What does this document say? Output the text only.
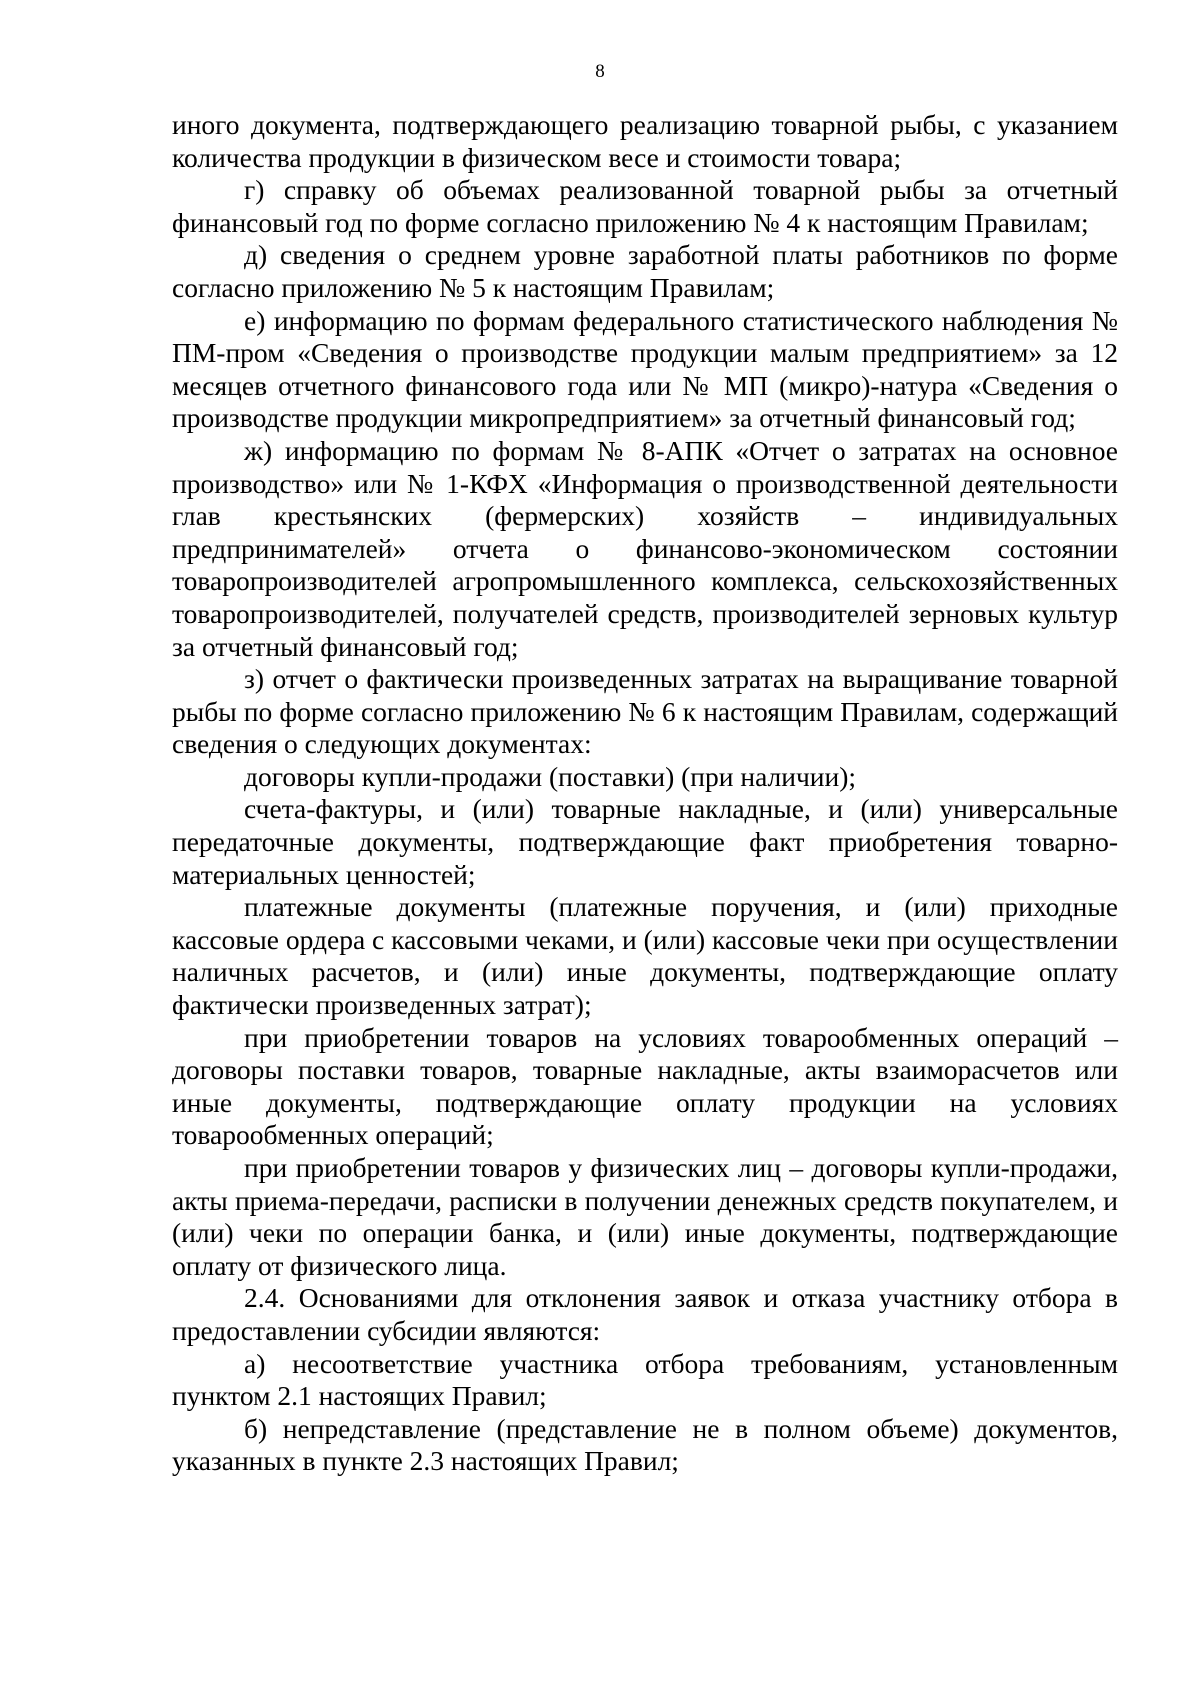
8

иного документа, подтверждающего реализацию товарной рыбы, с указанием количества продукции в физическом весе и стоимости товара;

г) справку об объемах реализованной товарной рыбы за отчетный финансовый год по форме согласно приложению № 4 к настоящим Правилам;

д) сведения о среднем уровне заработной платы работников по форме согласно приложению № 5 к настоящим Правилам;

е) информацию по формам федерального статистического наблюдения № ПМ-пром «Сведения о производстве продукции малым предприятием» за 12 месяцев отчетного финансового года или № МП (микро)-натура «Сведения о производстве продукции микропредприятием» за отчетный финансовый год;

ж) информацию по формам № 8-АПК «Отчет о затратах на основное производство» или № 1-КФХ «Информация о производственной деятельности глав крестьянских (фермерских) хозяйств – индивидуальных предпринимателей» отчета о финансово-экономическом состоянии товаропроизводителей агропромышленного комплекса, сельскохозяйственных товаропроизводителей, получателей средств, производителей зерновых культур за отчетный финансовый год;

з) отчет о фактически произведенных затратах на выращивание товарной рыбы по форме согласно приложению № 6 к настоящим Правилам, содержащий сведения о следующих документах:

договоры купли-продажи (поставки) (при наличии);

счета-фактуры, и (или) товарные накладные, и (или) универсальные передаточные документы, подтверждающие факт приобретения товарно-материальных ценностей;

платежные документы (платежные поручения, и (или) приходные кассовые ордера с кассовыми чеками, и (или) кассовые чеки при осуществлении наличных расчетов, и (или) иные документы, подтверждающие оплату фактически произведенных затрат);

при приобретении товаров на условиях товарообменных операций – договоры поставки товаров, товарные накладные, акты взаиморасчетов или иные документы, подтверждающие оплату продукции на условиях товарообменных операций;

при приобретении товаров у физических лиц – договоры купли-продажи, акты приема-передачи, расписки в получении денежных средств покупателем, и (или) чеки по операции банка, и (или) иные документы, подтверждающие оплату от физического лица.

2.4. Основаниями для отклонения заявок и отказа участнику отбора в предоставлении субсидии являются:

а) несоответствие участника отбора требованиям, установленным пунктом 2.1 настоящих Правил;

б) непредставление (представление не в полном объеме) документов, указанных в пункте 2.3 настоящих Правил;
